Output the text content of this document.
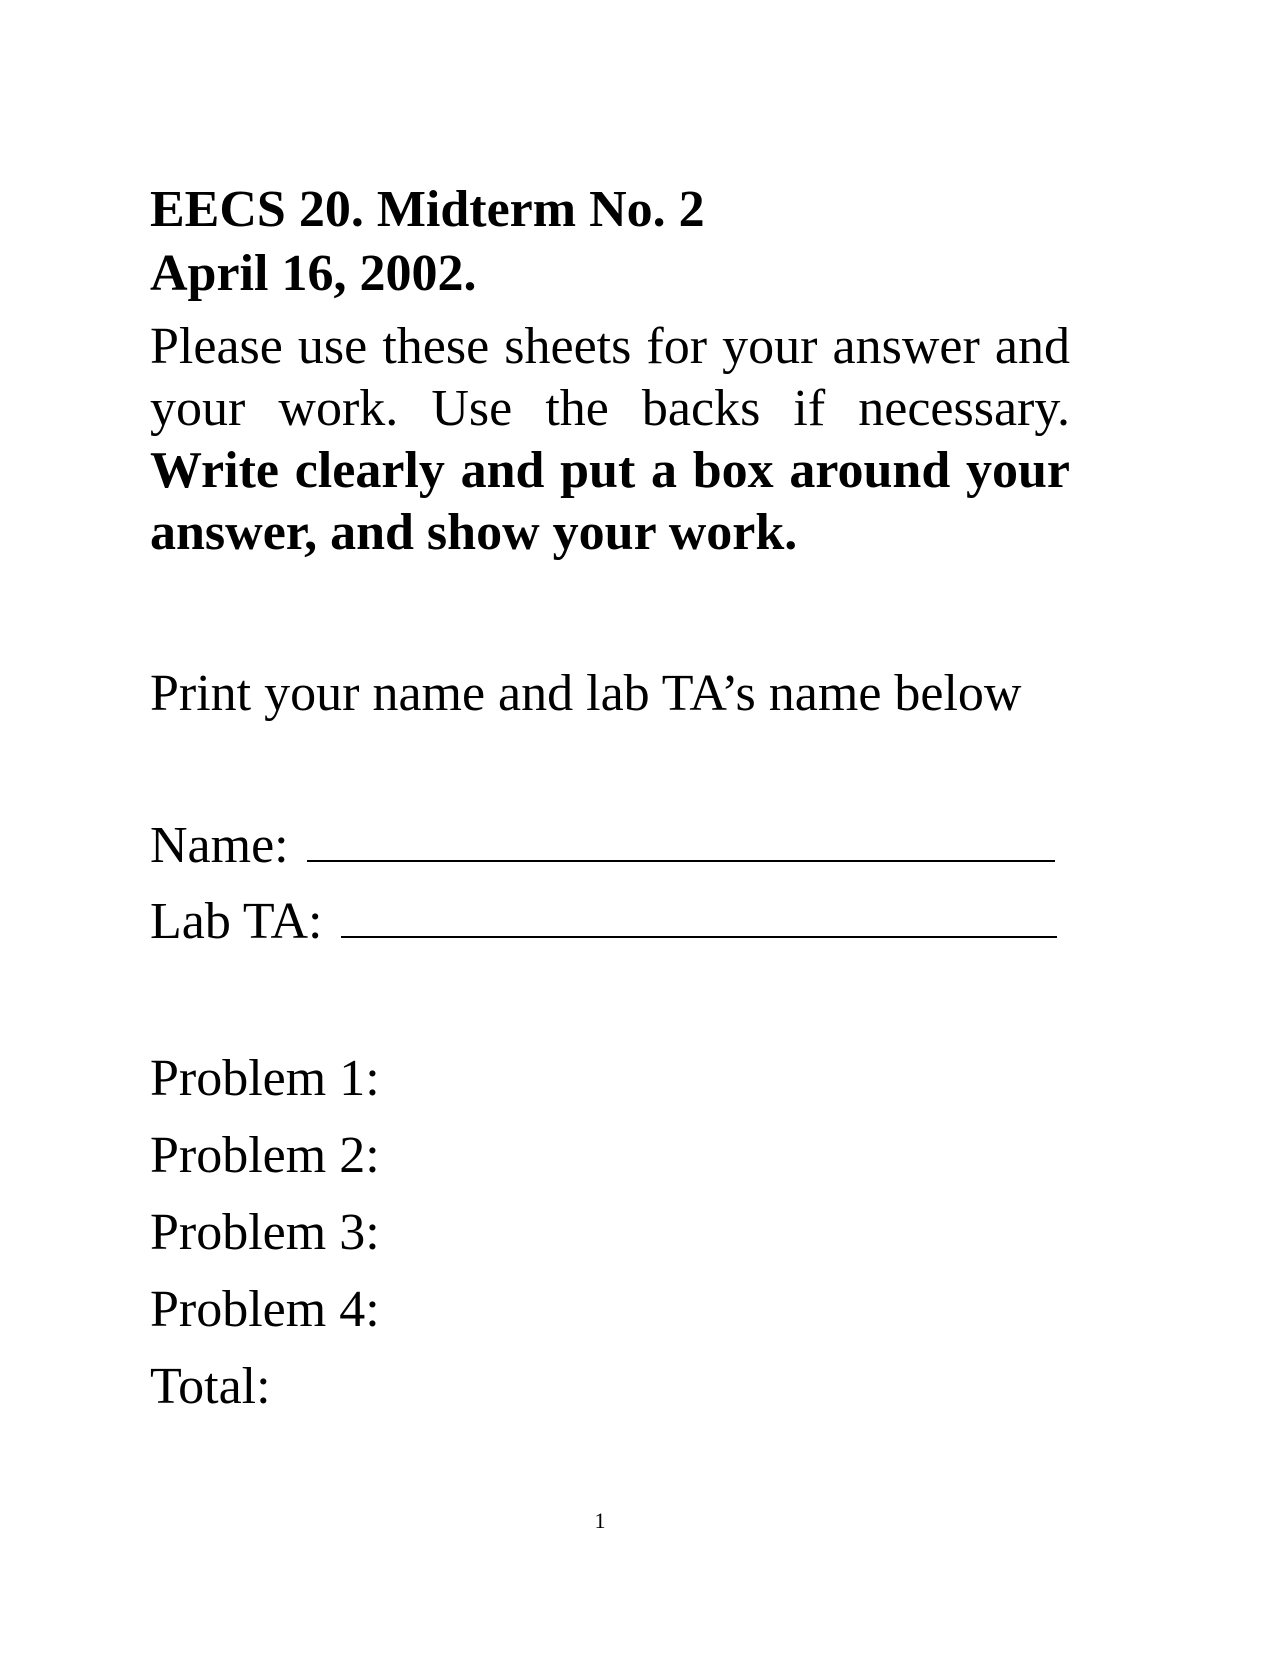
EECS 20. Midterm No. 2
April 16, 2002.

Please use these sheets for your answer and your work. Use the backs if necessary. Write clearly and put a box around your answer, and show your work.

Print your name and lab TA’s name below
Name:
Lab TA:
Problem 1:
Problem 2:
Problem 3:
Problem 4:
Total:
1
